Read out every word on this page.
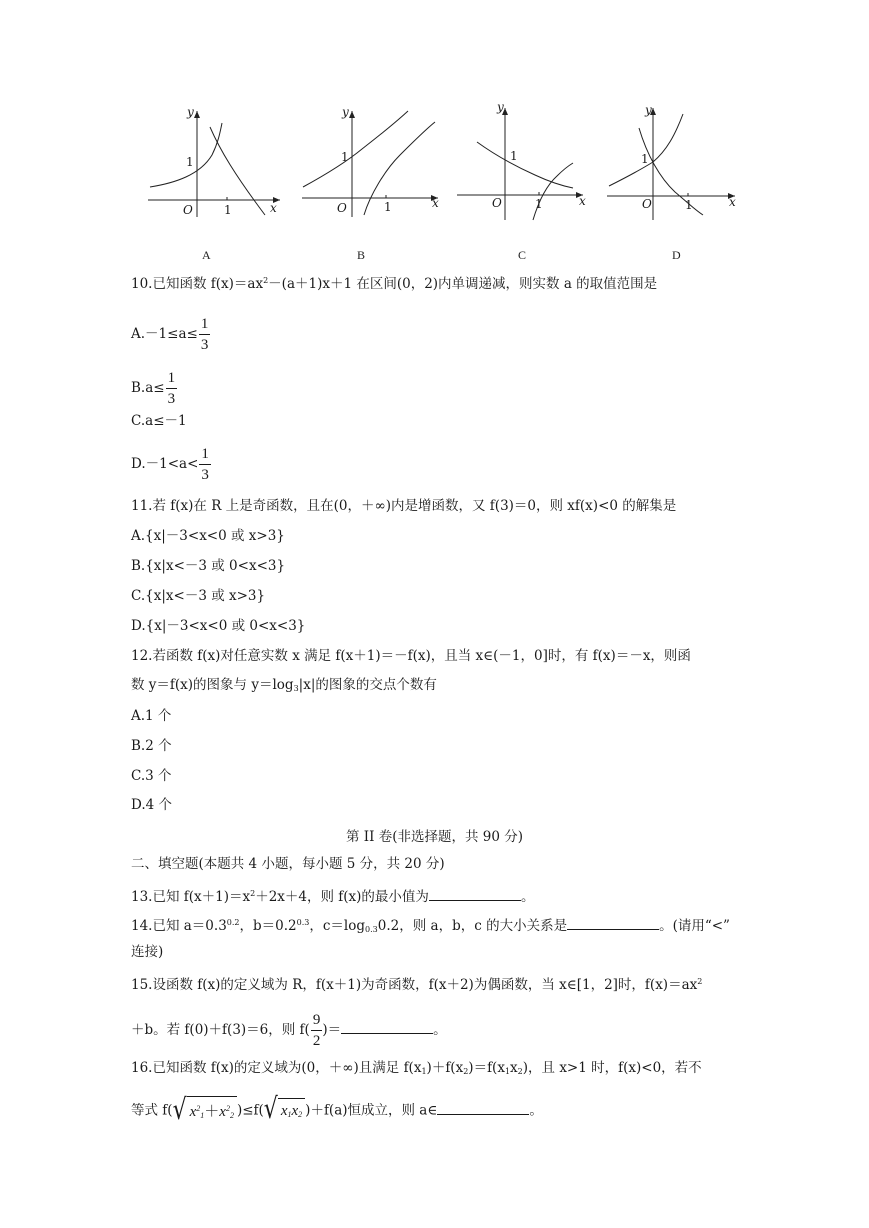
y
x
O
1
1
A
y
x
O
1
1
B
y
x
O
1
1
C
y
x
O
1
1
D
10.已知函数 $f(x)=ax^2-(a+1)x+1$ 在区间(0，2)内单调递减，则实数 a 的取值范围是
$A.-1\le a\le \frac{1}{3}$
$B.a\le \frac{1}{3}$
C.a≤－1
$D.-1<a< \frac{1}{3}$
11.若 f(x)在 R 上是奇函数，且在(0，＋∞)内是增函数，又 f(3)＝0，则 xf(x)<0 的解集是
A.{x|－3<x<0 或 x>3}
B.{x|x<－3 或 0<x<3}
C.{x|x<－3 或 x>3}
D.{x|－3<x<0 或 0<x<3}
12.若函数 f(x)对任意实数 x 满足 f(x＋1)＝－f(x)，且当 x∈(－1，0]时，有 f(x)＝－x，则函
数 y＝f(x)的图象与 $y=\log_3|x|$的图象的交点个数有
A.1 个
B.2 个
C.3 个
D.4 个
第 II 卷(非选择题，共 90 分)
二、填空题(本题共 4 小题，每小题 5 分，共 20 分)
13.已知 $f(x+1)=x^2+2x+4$，则 f(x)的最小值为	。
14.已知 $a=0.3^{0.2}$，$b=0.2^{0.3}$，$c=\log_{0.3}0.2$，则 a，b，c 的大小关系是	。(请用“<”
连接)
15.设函数 f(x)的定义域为 R，f(x＋1)为奇函数，f(x＋2)为偶函数，当 x∈[1，2]时，$f(x)=ax^2$
＋b。若 f(0)＋f(3)＝6，则 $f( \frac{9}{2}$ )＝	。
16.已知函数 f(x)的定义域为(0，＋∞)且满足 $f(x_1)+f(x_2)=f(x_1x_2)$，且 x>1 时，f(x)<0，若不
等式 f(√ $x^2_1+x^2_2$ )≤f(√ $x_1x_2$ )＋f(a)恒成立，则 a∈	。
